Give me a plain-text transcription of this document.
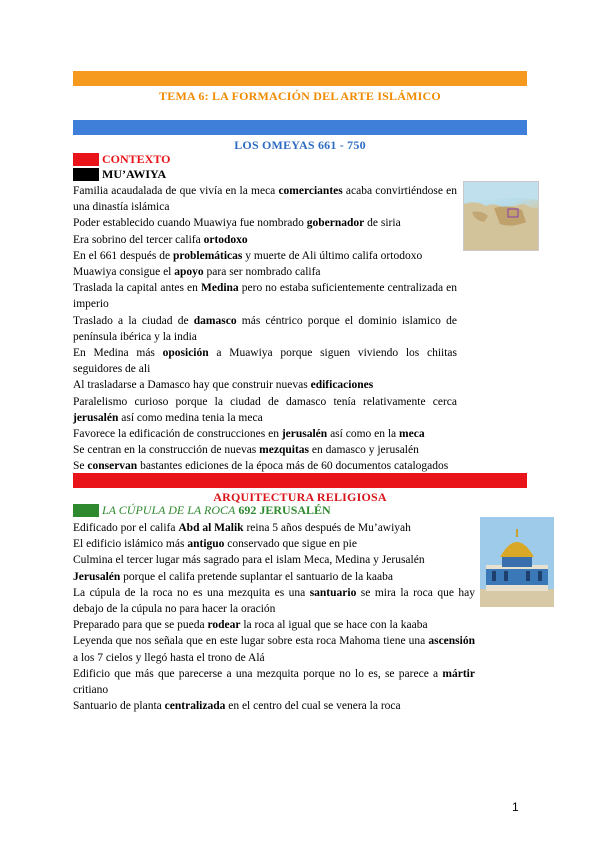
TEMA 6: LA FORMACIÓN DEL ARTE ISLÁMICO
LOS OMEYAS 661 - 750
CONTEXTO
MU’AWIYA

Familia acaudalada de que vivía en la meca comerciantes acaba convirtiéndose en una dinastía islámica

Poder establecido cuando Muawiya fue nombrado gobernador de siria

Era sobrino del tercer califa ortodoxo

En el 661 después de problemáticas y muerte de Ali último califa ortodoxo

Muawiya consigue el apoyo para ser nombrado califa

Traslada la capital antes en Medina pero no estaba suficientemente centralizada en imperio

Traslado a la ciudad de damasco más céntrico porque el dominio islamico de península ibérica y la india

En Medina más oposición a Muawiya porque siguen viviendo los chiitas seguidores de ali

Al trasladarse a Damasco hay que construir nuevas edificaciones

Paralelismo curioso porque la ciudad de damasco tenía relativamente cerca jerusalén así como medina tenia la meca

Favorece la edificación de construcciones en jerusalén así como en la meca

Se centran en la construcción de nuevas mezquitas en damasco y jerusalén

Se conservan bastantes ediciones de la época más de 60 documentos catalogados

ARQUITECTURA RELIGIOSA
LA CÚPULA DE LA ROCA 692 JERUSALÉN

Edificado por el califa Abd al Malik reina 5 años después de Mu’awiyah

El edificio islámico más antiguo conservado que sigue en pie

Culmina el tercer lugar más sagrado para el islam Meca, Medina y Jerusalén

Jerusalén porque el califa pretende suplantar el santuario de la kaaba

La cúpula de la roca no es una mezquita es una santuario se mira la roca que hay debajo de la cúpula no para hacer la oración

Preparado para que se pueda rodear la roca al igual que se hace con la kaaba

Leyenda que nos señala que en este lugar sobre esta roca Mahoma tiene una ascensión a los 7 cielos y llegó hasta el trono de Alá

Edificio que más que parecerse a una mezquita porque no lo es, se parece a mártir critiano

Santuario de planta centralizada en el centro del cual se venera la roca

1
